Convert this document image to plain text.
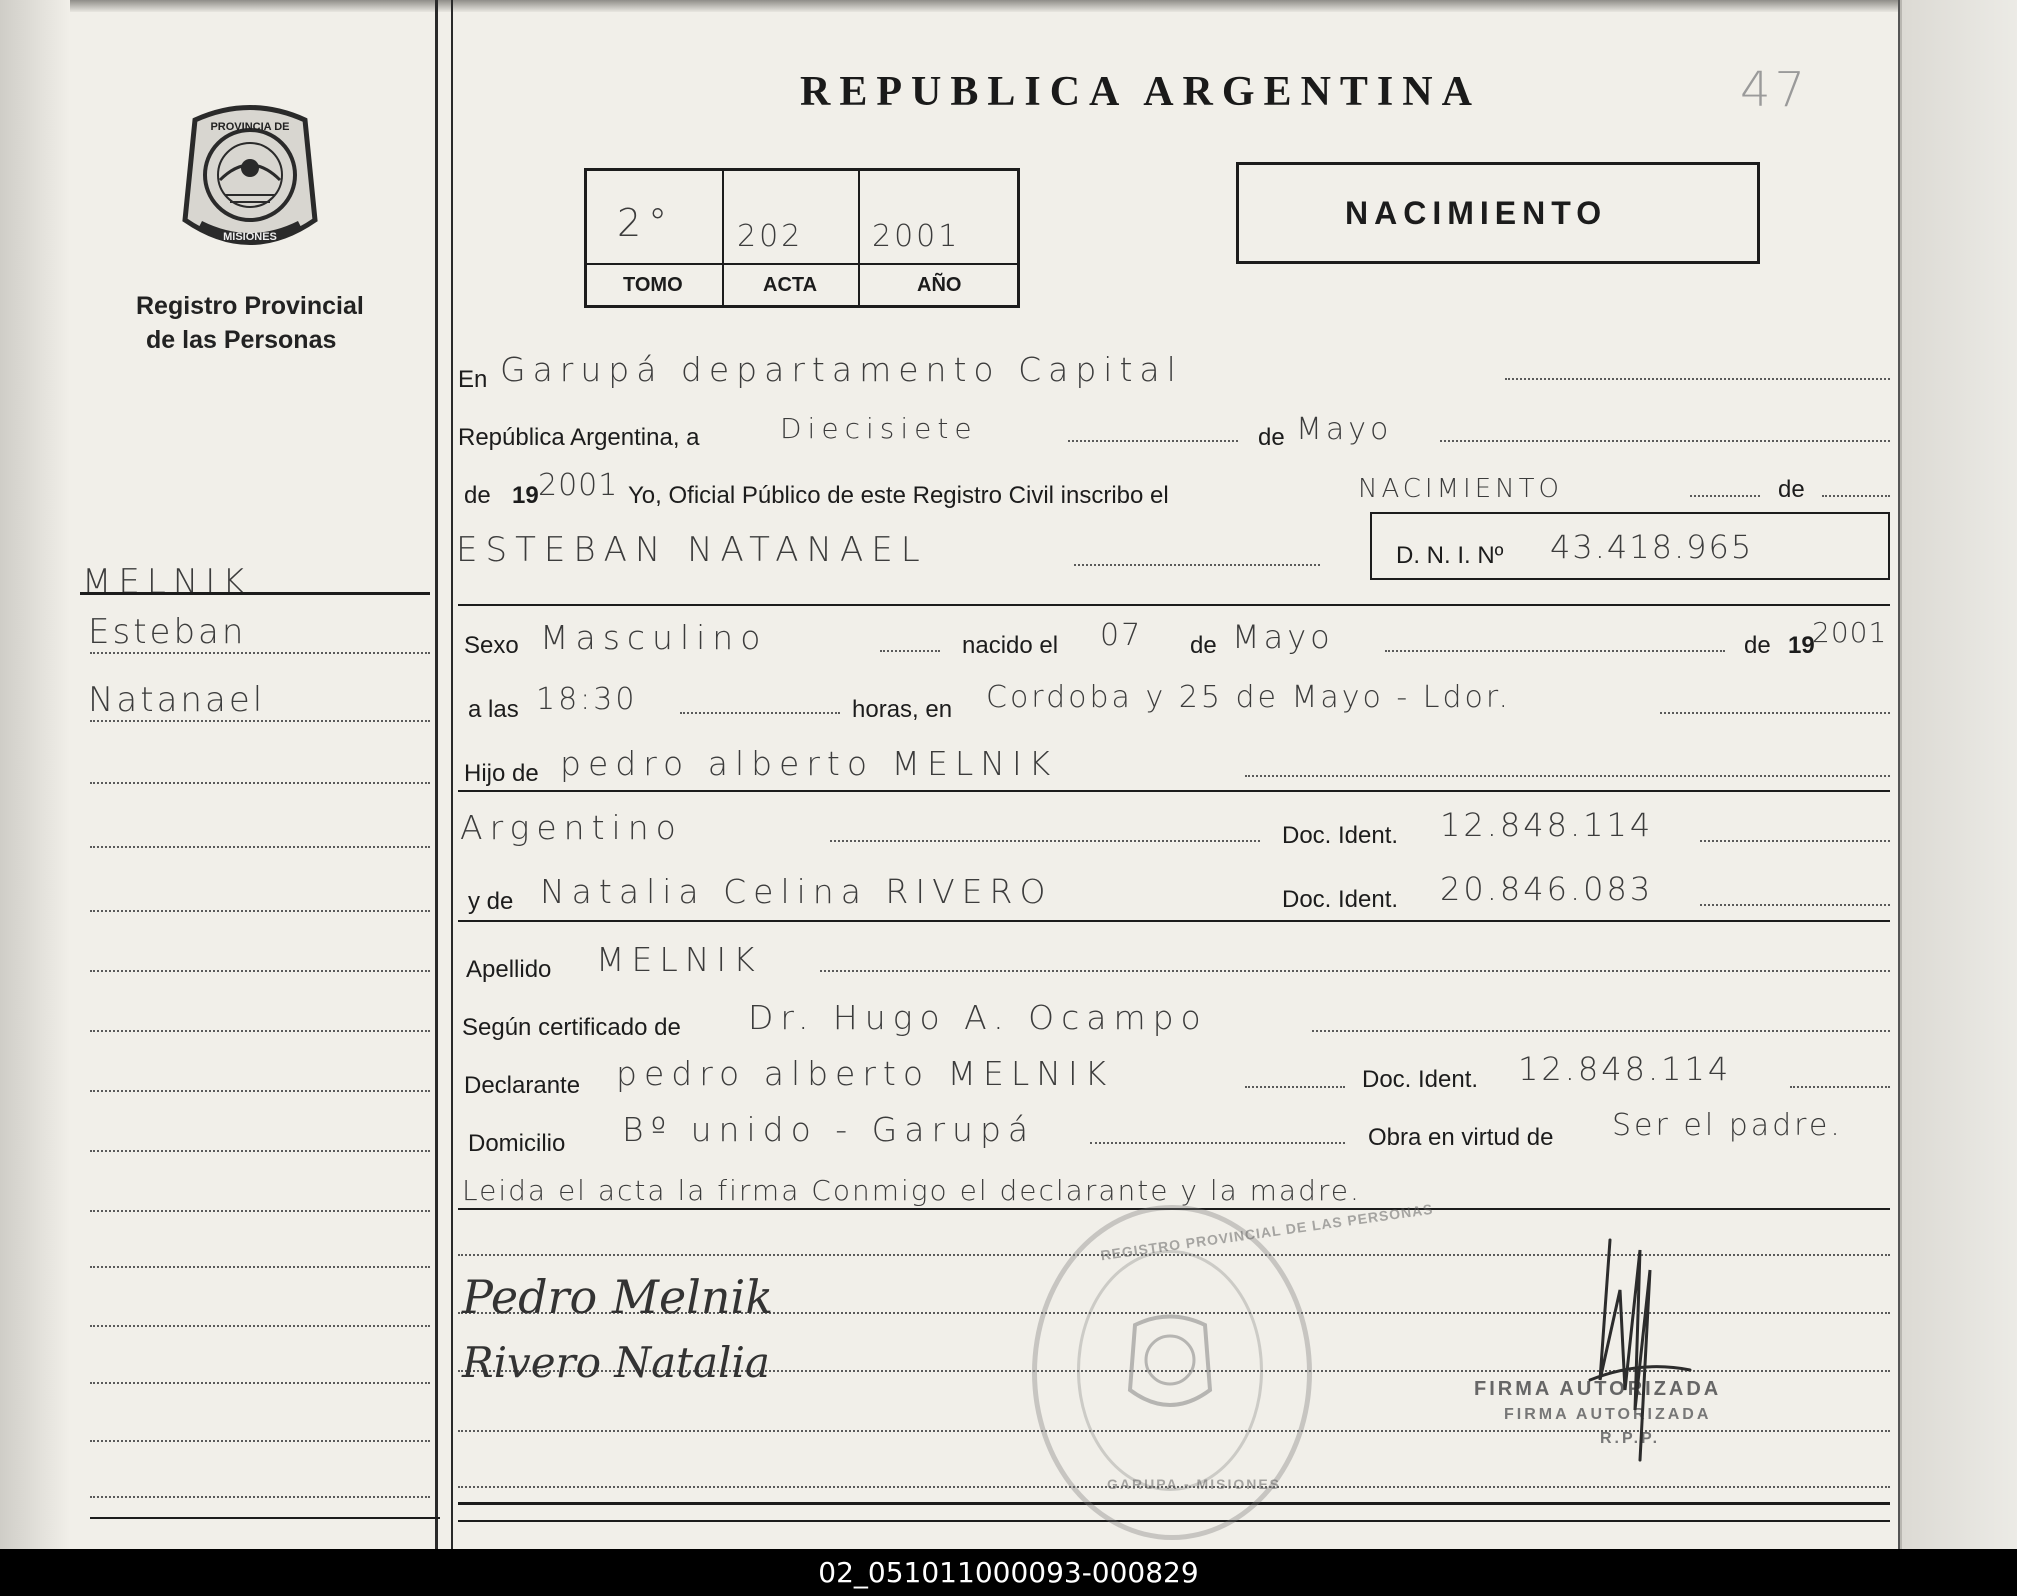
PROVINCIA DE
MISIONES
Registro Provincial
de las Personas
REPUBLICA ARGENTINA	47
2° 202 2001
TOMO	ACTA	AÑO
NACIMIENTO
MELNIK
Esteban
Natanael
En Garupá departamento Capital
República Argentina, a	Diecisiete	de Mayo
de 19 2001 Yo, Oficial Público de este Registro Civil inscribo el	NACIMIENTO	de
ESTEBAN NATANAEL	D. N. I. Nº 43.418.965
Sexo Masculino	nacido el 07 de Mayo	de 19
2001
a las 18:30	horas, en Cordoba y 25 de Mayo - Ldor.
Hijo de pedro alberto MELNIK
Argentino	Doc. Ident. 12.848.114
y de Natalia Celina RIVERO	Doc. Ident. 20.846.083
Apellido MELNIK
Según certificado de Dr. Hugo A. Ocampo
Declarante pedro alberto MELNIK	Doc. Ident. 12.848.114
Domicilio Bº unido - Garupá	Obra en virtud de Ser el padre.
Leida el acta la firma Conmigo el declarante y la madre.
Pedro Melnik
Rivero Natalia
REGISTRO PROVINCIAL DE LAS PERSONAS
GARUPA - MISIONES
FIRMA AUTORIZADA
FIRMA AUTORIZADA
R.P.P.
02_051011000093-000829
